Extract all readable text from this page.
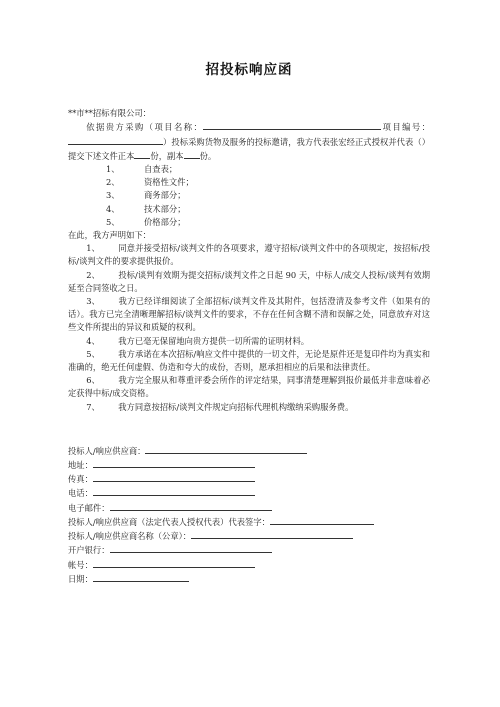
招投标响应函

**市**招标有限公司：

依据贵方采购（项目名称：	项目编号：）投标采购货物及服务的投标邀请，我方代表张宏经正式授权并代表（）提交下述文件正本 份，副本 份。

1、	自查表；
2、	资格性文件；
3、	商务部分；
4、	技术部分；
5、	价格部分；

在此，我方声明如下：

1、 同意并接受招标/谈判文件的各项要求，遵守招标/谈判文件中的各项规定，按招标/投标/谈判文件的要求提供报价。

2、 投标/谈判有效期为提交招标/谈判文件之日起 90 天，中标人/成交人投标/谈判有效期延至合同签收之日。

3、 我方已经详细阅读了全部招标/谈判文件及其附件，包括澄清及参考文件（如果有的话）。我方已完全清晰理解招标/谈判文件的要求，不存在任何含糊不清和误解之处，同意放弃对这些文件所提出的异议和质疑的权利。

4、 我方已毫无保留地向贵方提供一切所需的证明材料。

5、 我方承诺在本次招标/响应文件中提供的一切文件，无论是原件还是复印件均为真实和准确的，绝无任何虚假、伪造和夸大的成份，否则，愿承担相应的后果和法律责任。

6、 我方完全服从和尊重评委会所作的评定结果，同事清楚理解到报价最低并非意味着必定获得中标/成交资格。

7、 我方同意按招标/谈判文件规定向招标代理机构缴纳采购服务费。

投标人/响应供应商：

地址：

传真：

电话：

电子邮件：

投标人/响应供应商（法定代表人授权代表）代表签字：

投标人/响应供应商名称（公章）：

开户银行：

帐号：

日期：
